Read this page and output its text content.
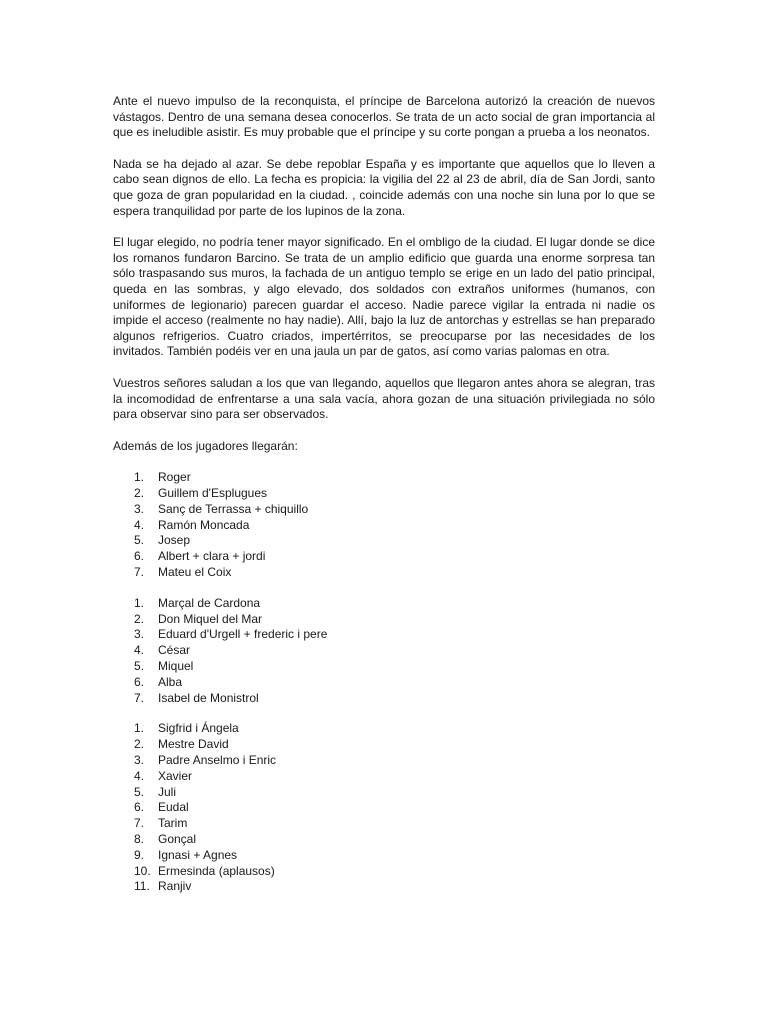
Ante el nuevo impulso de la reconquista, el príncipe de Barcelona autorizó la creación de nuevos vástagos. Dentro de una semana desea conocerlos. Se trata de un acto social de gran importancia al que es ineludible asistir. Es muy probable que el príncipe y su corte pongan a prueba a los neonatos.

Nada se ha dejado al azar. Se debe repoblar España y es importante que aquellos que lo lleven a cabo sean dignos de ello. La fecha es propicia: la vigilia del 22 al 23 de abril, día de San Jordi, santo que goza de gran popularidad en la ciudad. , coincide además con una noche sin luna por lo que se espera tranquilidad por parte de los lupinos de la zona.

El lugar elegido, no podría tener mayor significado. En el ombligo de la ciudad. El lugar donde se dice los romanos fundaron Barcino. Se trata de un amplio edificio que guarda una enorme sorpresa tan sólo traspasando sus muros, la fachada de un antiguo templo se erige en un lado del patio principal, queda en las sombras, y algo elevado, dos soldados con extraños uniformes (humanos, con uniformes de legionario) parecen guardar el acceso. Nadie parece vigilar la entrada ni nadie os impide el acceso (realmente no hay nadie). Allí, bajo la luz de antorchas y estrellas se han preparado algunos refrigerios. Cuatro criados, impertérritos, se preocuparse por las necesidades de los invitados. También podéis ver en una jaula un par de gatos, así como varias palomas en otra.

Vuestros señores saludan a los que van llegando, aquellos que llegaron antes ahora se alegran, tras la incomodidad de enfrentarse a una sala vacía, ahora gozan de una situación privilegiada no sólo para observar sino para ser observados.

Además de los jugadores llegarán:

1. Roger
2. Guillem d'Esplugues
3. Sanç de Terrassa + chiquillo
4. Ramón Moncada
5. Josep
6. Albert + clara + jordi
7. Mateu el Coix
1. Marçal de Cardona
2. Don Miquel del Mar
3. Eduard d'Urgell + frederic i pere
4. César
5. Miquel
6. Alba
7. Isabel de Monistrol
1. Sigfrid i Ángela
2. Mestre David
3. Padre Anselmo i Enric
4. Xavier
5. Juli
6. Eudal
7. Tarim
8. Gonçal
9. Ignasi + Agnes
10. Ermesinda (aplausos)
11. Ranjiv
